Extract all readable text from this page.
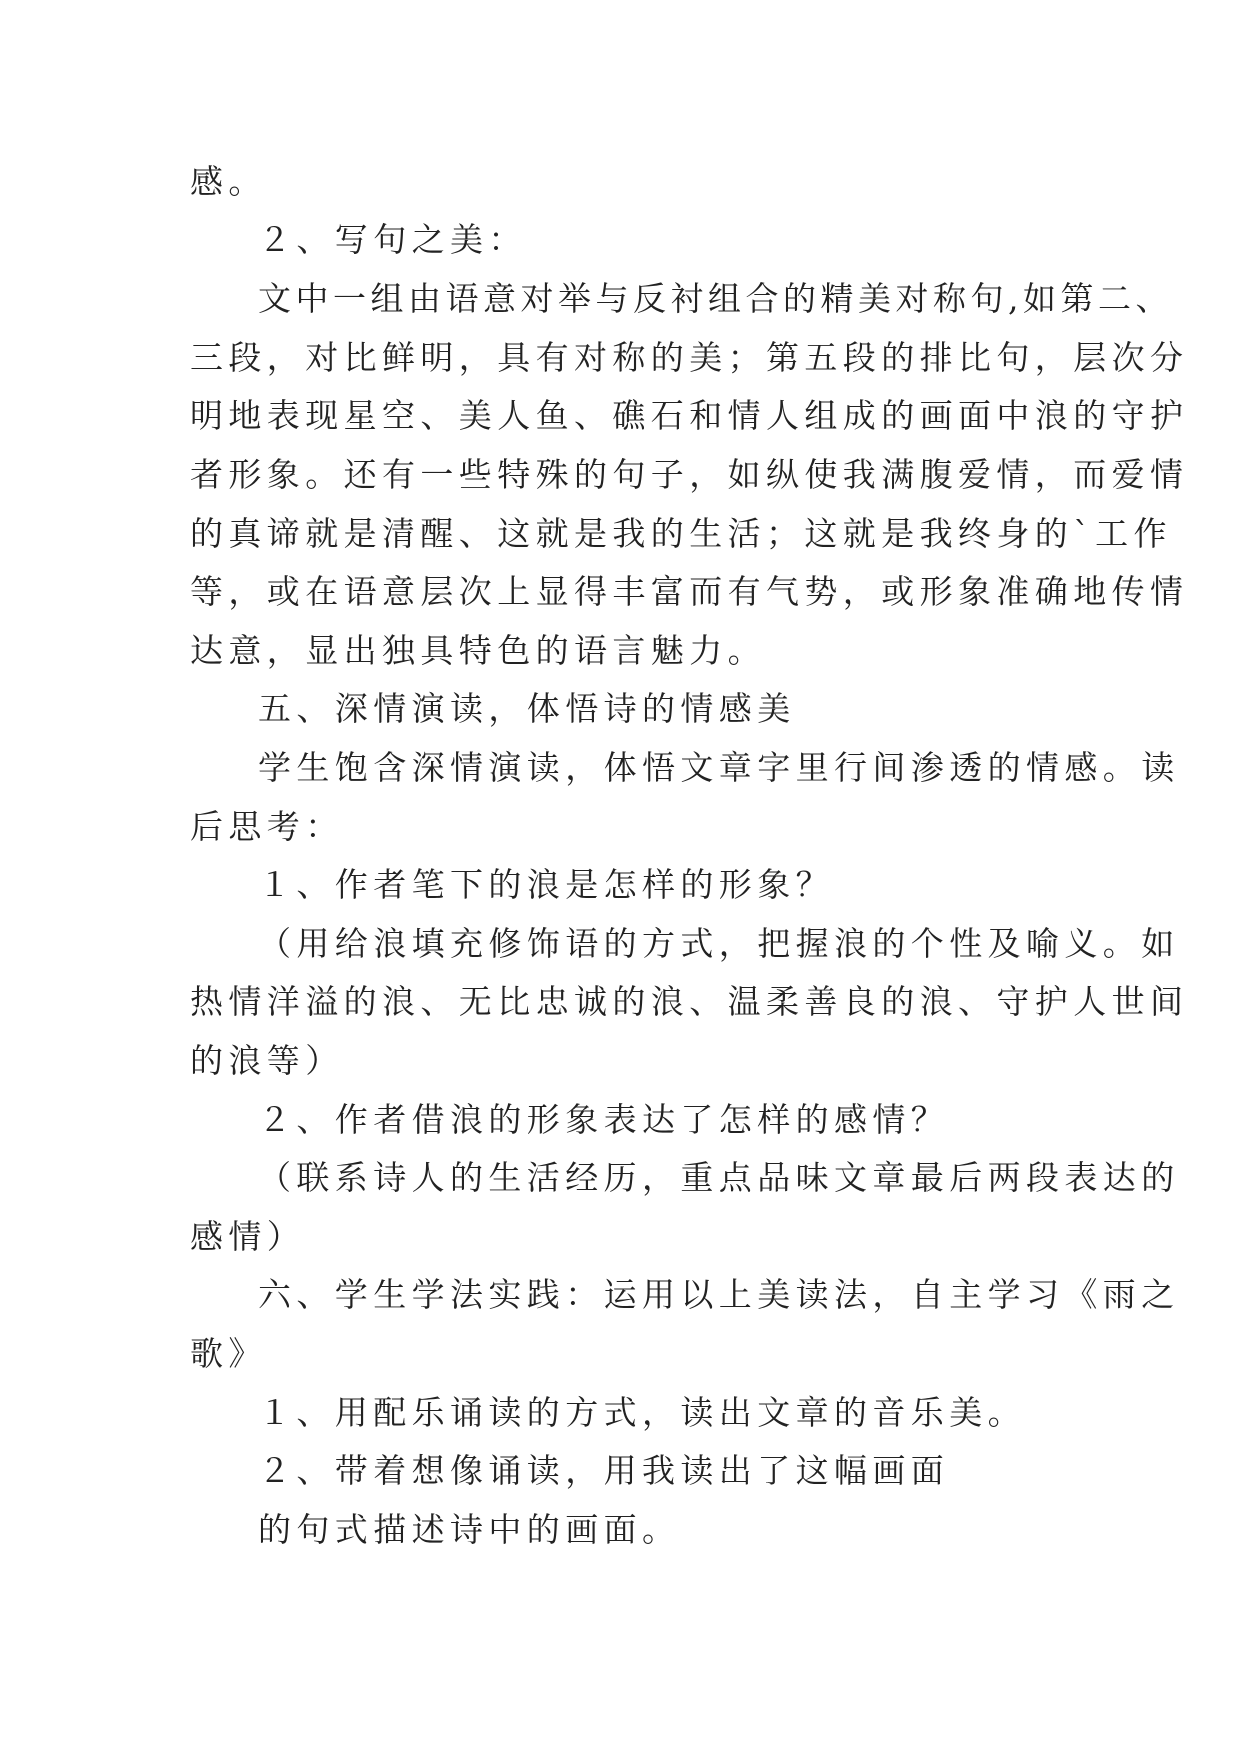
感。
２、写句之美：
文中一组由语意对举与反衬组合的精美对称句,如第二、
三段，对比鲜明，具有对称的美；第五段的排比句，层次分
明地表现星空、美人鱼、礁石和情人组成的画面中浪的守护
者形象。还有一些特殊的句子，如纵使我满腹爱情，而爱情
的真谛就是清醒、这就是我的生活；这就是我终身的`工作
等，或在语意层次上显得丰富而有气势，或形象准确地传情
达意，显出独具特色的语言魅力。
五、深情演读，体悟诗的情感美
学生饱含深情演读，体悟文章字里行间渗透的情感。读
后思考：
１、作者笔下的浪是怎样的形象？
（用给浪填充修饰语的方式，把握浪的个性及喻义。如
热情洋溢的浪、无比忠诚的浪、温柔善良的浪、守护人世间
的浪等）
２、作者借浪的形象表达了怎样的感情？
（联系诗人的生活经历，重点品味文章最后两段表达的
感情）
六、学生学法实践：运用以上美读法，自主学习《雨之
歌》
１、用配乐诵读的方式，读出文章的音乐美。
２、带着想像诵读，用我读出了这幅画面
的句式描述诗中的画面。
